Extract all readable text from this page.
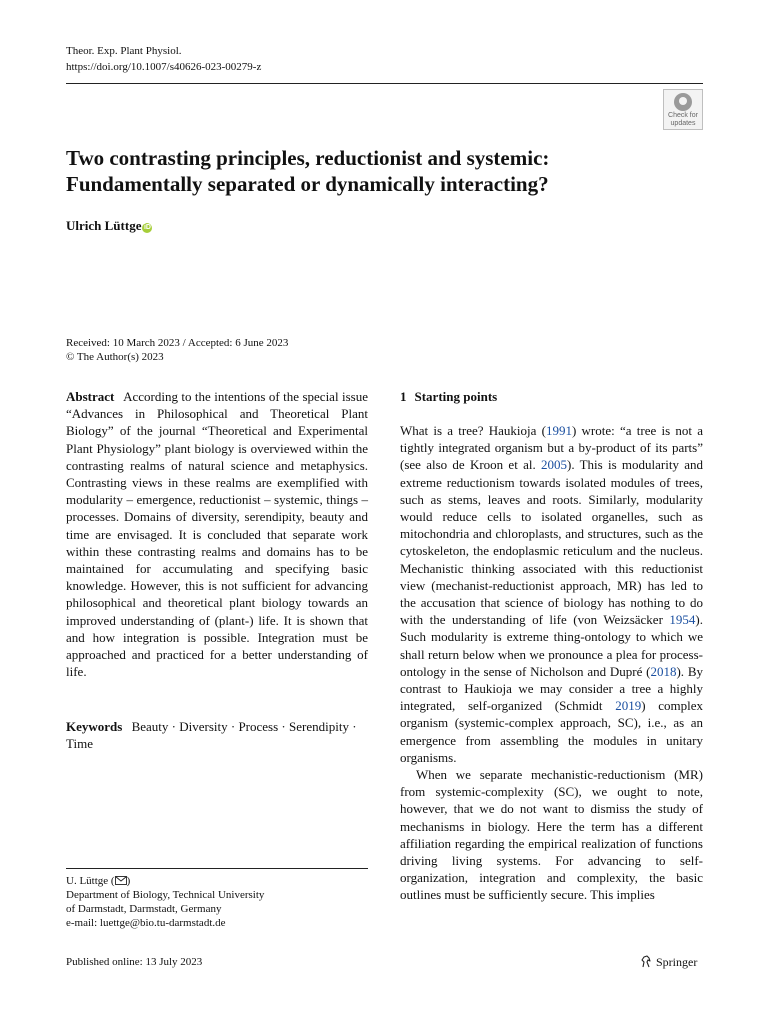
Theor. Exp. Plant Physiol.
https://doi.org/10.1007/s40626-023-00279-z
Check for
updates
Two contrasting principles, reductionist and systemic:
Fundamentally separated or dynamically interacting?
Ulrich Lüttge iD
Received: 10 March 2023 / Accepted: 6 June 2023
© The Author(s) 2023

Abstract According to the intentions of the special issue “Advances in Philosophical and Theoretical Plant Biology” of the journal “Theoretical and Experimental Plant Physiology” plant biology is overviewed within the contrasting realms of natural science and metaphysics. Contrasting views in these realms are exemplified with modularity – emergence, reductionist – systemic, things – processes. Domains of diversity, serendipity, beauty and time are envisaged. It is concluded that separate work within these contrasting realms and domains has to be maintained for accumulating and specifying basic knowledge. However, this is not sufficient for advancing philosophical and theoretical plant biology towards an improved understanding of (plant-) life. It is shown that and how integration is possible. Integration must be approached and practiced for a better understanding of life.

Keywords Beauty · Diversity · Process · Serendipity · Time

U. Lüttge ( )
Department of Biology, Technical University
of Darmstadt, Darmstadt, Germany
e-mail: luettge@bio.tu-darmstadt.de
1 Starting points

What is a tree? Haukioja (1991) wrote: “a tree is not a tightly integrated organism but a by-product of its parts” (see also de Kroon et al. 2005). This is modularity and extreme reductionism towards isolated modules of trees, such as stems, leaves and roots. Similarly, modularity would reduce cells to isolated organelles, such as mitochondria and chloroplasts, and structures, such as the cytoskeleton, the endoplasmic reticulum and the nucleus. Mechanistic thinking associated with this reductionist view (mechanist-reductionist approach, MR) has led to the accusation that science of biology has nothing to do with the understanding of life (von Weizsäcker 1954). Such modularity is extreme thing-ontology to which we shall return below when we pronounce a plea for process-ontology in the sense of Nicholson and Dupré (2018). By contrast to Haukioja we may consider a tree a highly integrated, self-organized (Schmidt 2019) complex organism (systemic-complex approach, SC), i.e., as an emergence from assembling the modules in unitary organisms.

When we separate mechanistic-reductionism (MR) from systemic-complexity (SC), we ought to note, however, that we do not want to dismiss the study of mechanisms in biology. Here the term has a different affiliation regarding the empirical realization of functions driving living systems. For advancing to self-organization, integration and complexity, the basic outlines must be sufficiently secure. This implies

Published online: 13 July 2023	Springer
